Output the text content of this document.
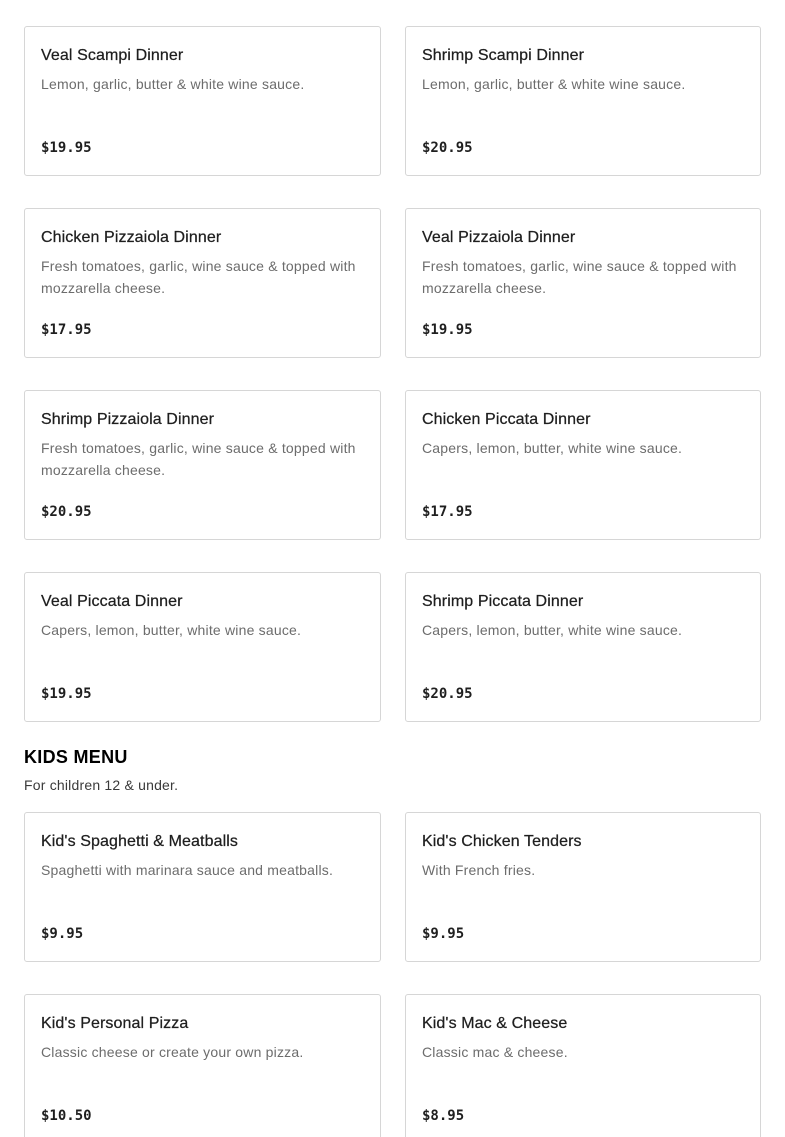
Veal Scampi Dinner
Lemon, garlic, butter & white wine sauce.
$19.95
Shrimp Scampi Dinner
Lemon, garlic, butter & white wine sauce.
$20.95
Chicken Pizzaiola Dinner
Fresh tomatoes, garlic, wine sauce & topped with mozzarella cheese.
$17.95
Veal Pizzaiola Dinner
Fresh tomatoes, garlic, wine sauce & topped with mozzarella cheese.
$19.95
Shrimp Pizzaiola Dinner
Fresh tomatoes, garlic, wine sauce & topped with mozzarella cheese.
$20.95
Chicken Piccata Dinner
Capers, lemon, butter, white wine sauce.
$17.95
Veal Piccata Dinner
Capers, lemon, butter, white wine sauce.
$19.95
Shrimp Piccata Dinner
Capers, lemon, butter, white wine sauce.
$20.95
KIDS MENU
For children 12 & under.
Kid's Spaghetti & Meatballs
Spaghetti with marinara sauce and meatballs.
$9.95
Kid's Chicken Tenders
With French fries.
$9.95
Kid's Personal Pizza
Classic cheese or create your own pizza.
$10.50
Kid's Mac & Cheese
Classic mac & cheese.
$8.95
